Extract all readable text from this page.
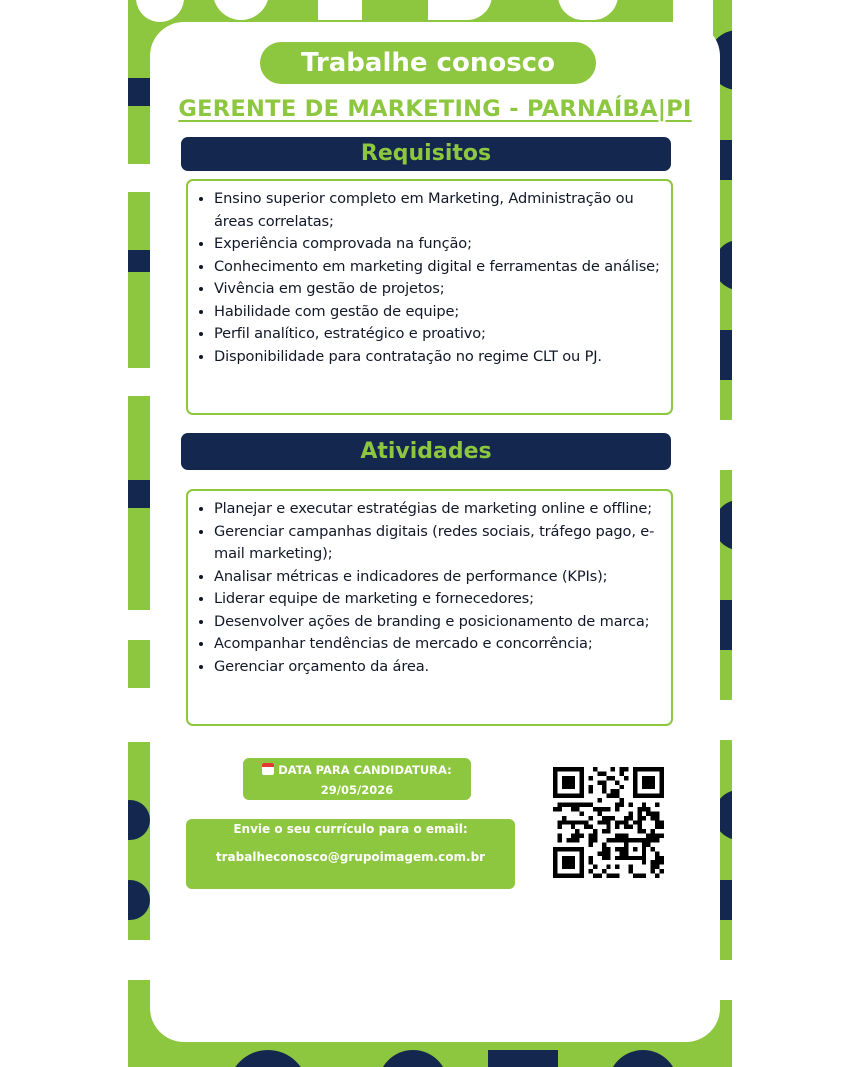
Trabalhe conosco
GERENTE DE MARKETING - PARNAÍBA|PI
Requisitos
• Ensino superior completo em Marketing, Administração ou áreas correlatas;
• Experiência comprovada na função;
• Conhecimento em marketing digital e ferramentas de análise;
• Vivência em gestão de projetos;
• Habilidade com gestão de equipe;
• Perfil analítico, estratégico e proativo;
• Disponibilidade para contratação no regime CLT ou PJ.
Atividades
• Planejar e executar estratégias de marketing online e offline;
• Gerenciar campanhas digitais (redes sociais, tráfego pago, e-mail marketing);
• Analisar métricas e indicadores de performance (KPIs);
• Liderar equipe de marketing e fornecedores;
• Desenvolver ações de branding e posicionamento de marca;
• Acompanhar tendências de mercado e concorrência;
• Gerenciar orçamento da área.
DATA PARA CANDIDATURA:
29/05/2026
Envie o seu currículo para o email:
trabalheconosco@grupoimagem.com.br
